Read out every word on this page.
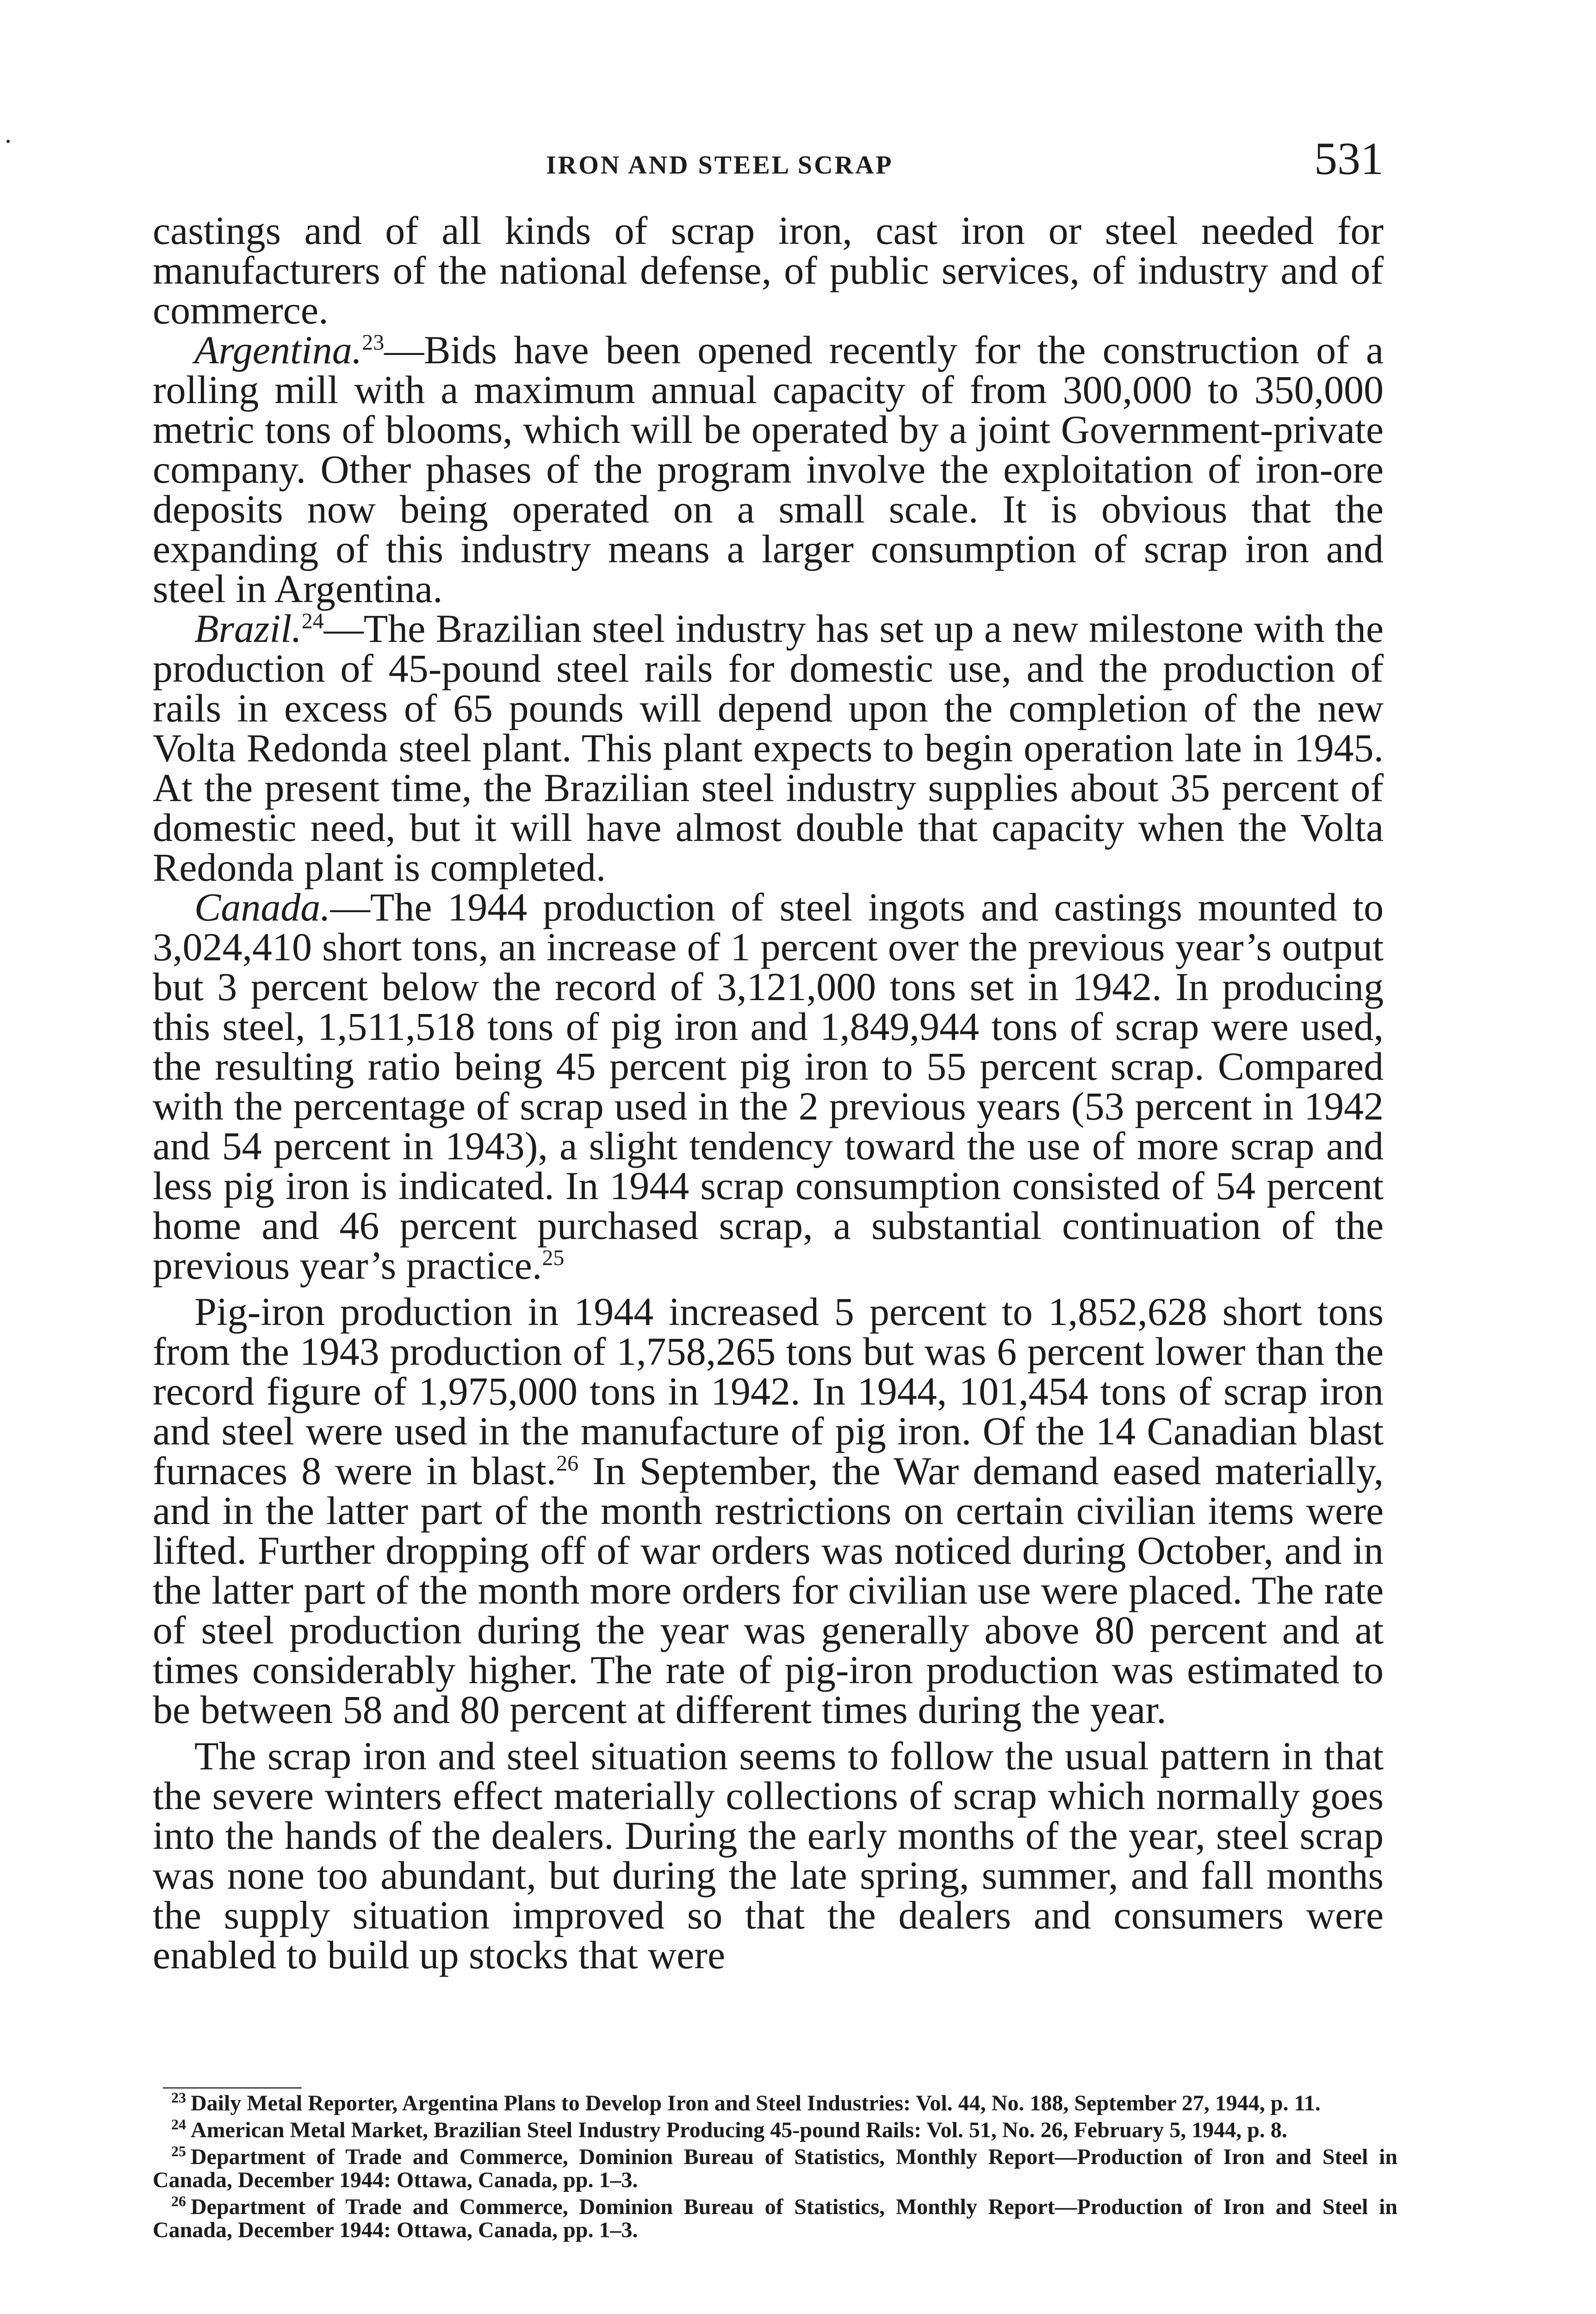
IRON AND STEEL SCRAP	531

castings and of all kinds of scrap iron, cast iron or steel needed for manufacturers of the national defense, of public services, of industry and of commerce.

Argentina.$^{23}$—Bids have been opened recently for the construction of a rolling mill with a maximum annual capacity of from 300,000 to 350,000 metric tons of blooms, which will be operated by a joint Government-private company. Other phases of the program involve the exploitation of iron-ore deposits now being operated on a small scale. It is obvious that the expanding of this industry means a larger consumption of scrap iron and steel in Argentina.

Brazil.$^{24}$—The Brazilian steel industry has set up a new milestone with the production of 45-pound steel rails for domestic use, and the production of rails in excess of 65 pounds will depend upon the completion of the new Volta Redonda steel plant. This plant expects to begin operation late in 1945. At the present time, the Brazilian steel industry supplies about 35 percent of domestic need, but it will have almost double that capacity when the Volta Redonda plant is completed.

Canada.—The 1944 production of steel ingots and castings mounted to 3,024,410 short tons, an increase of 1 percent over the previous year’s output but 3 percent below the record of 3,121,000 tons set in 1942. In producing this steel, 1,511,518 tons of pig iron and 1,849,944 tons of scrap were used, the resulting ratio being 45 percent pig iron to 55 percent scrap. Compared with the percentage of scrap used in the 2 previous years (53 percent in 1942 and 54 percent in 1943), a slight tendency toward the use of more scrap and less pig iron is indicated. In 1944 scrap consumption consisted of 54 percent home and 46 percent purchased scrap, a substantial continuation of the previous year’s practice.$^{25}$

Pig-iron production in 1944 increased 5 percent to 1,852,628 short tons from the 1943 production of 1,758,265 tons but was 6 percent lower than the record figure of 1,975,000 tons in 1942. In 1944, 101,454 tons of scrap iron and steel were used in the manufacture of pig iron. Of the 14 Canadian blast furnaces 8 were in blast.$^{26}$ In September, the War demand eased materially, and in the latter part of the month restrictions on certain civilian items were lifted. Further dropping off of war orders was noticed during October, and in the latter part of the month more orders for civilian use were placed. The rate of steel production during the year was generally above 80 percent and at times considerably higher. The rate of pig-iron production was estimated to be between 58 and 80 percent at different times during the year.

The scrap iron and steel situation seems to follow the usual pattern in that the severe winters effect materially collections of scrap which normally goes into the hands of the dealers. During the early months of the year, steel scrap was none too abundant, but during the late spring, summer, and fall months the supply situation improved so that the dealers and consumers were enabled to build up stocks that were

$^{23}$ Daily Metal Reporter, Argentina Plans to Develop Iron and Steel Industries: Vol. 44, No. 188, September 27, 1944, p. 11.

$^{24}$ American Metal Market, Brazilian Steel Industry Producing 45-pound Rails: Vol. 51, No. 26, February 5, 1944, p. 8.

$^{25}$ Department of Trade and Commerce, Dominion Bureau of Statistics, Monthly Report—Production of Iron and Steel in Canada, December 1944: Ottawa, Canada, pp. 1–3.

$^{26}$ Department of Trade and Commerce, Dominion Bureau of Statistics, Monthly Report—Production of Iron and Steel in Canada, December 1944: Ottawa, Canada, pp. 1–3.
